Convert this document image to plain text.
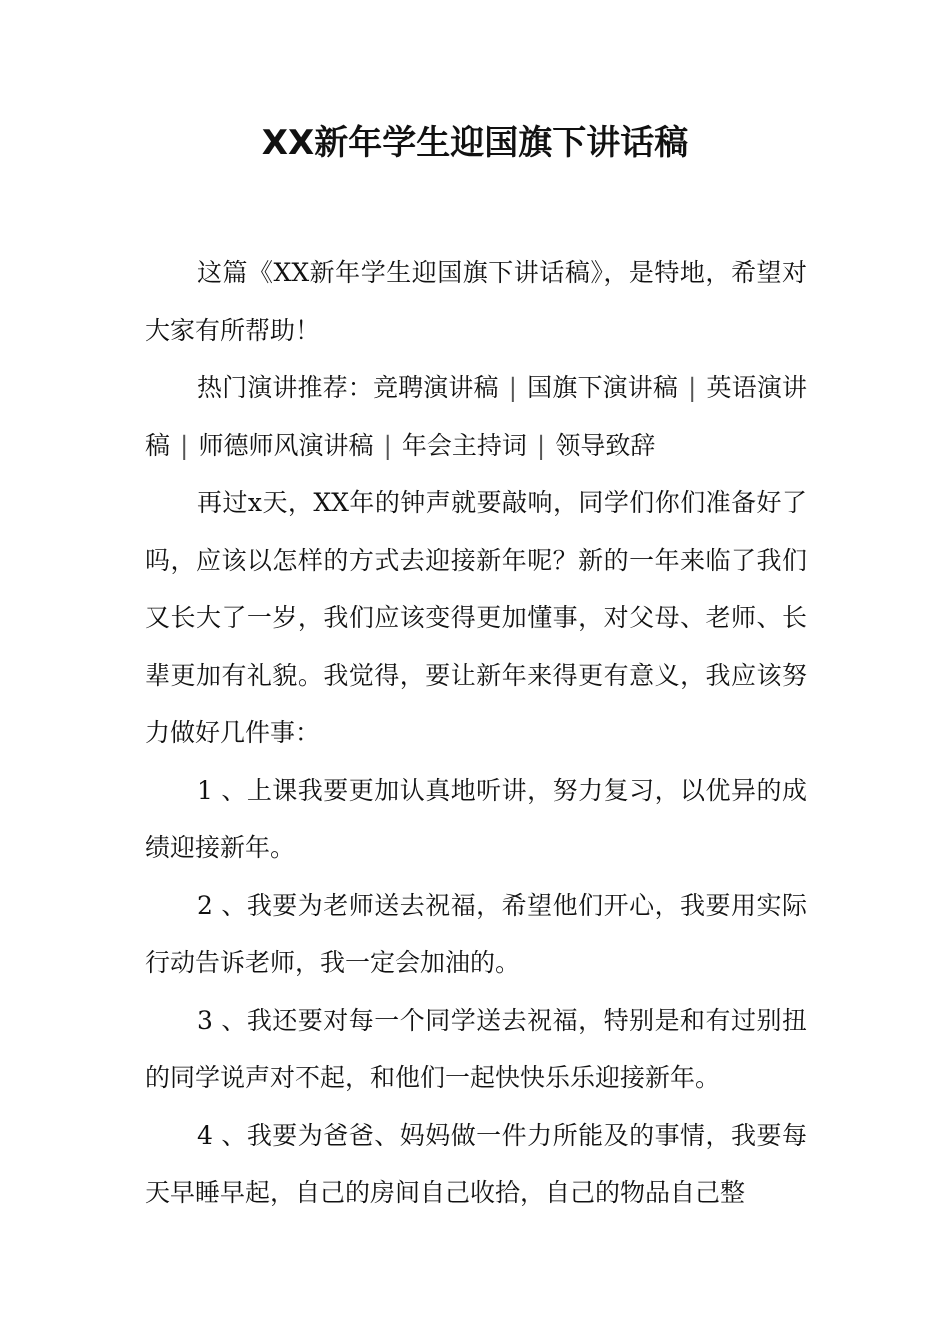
XX新年学生迎国旗下讲话稿

这篇《XX新年学生迎国旗下讲话稿》，是特地，希望对大家有所帮助！

热门演讲推荐：竞聘演讲稿 | 国旗下演讲稿 | 英语演讲稿 | 师德师风演讲稿 | 年会主持词 | 领导致辞

再过x天，XX年的钟声就要敲响，同学们你们准备好了吗，应该以怎样的方式去迎接新年呢？新的一年来临了我们又长大了一岁，我们应该变得更加懂事，对父母、老师、长辈更加有礼貌。我觉得，要让新年来得更有意义，我应该努力做好几件事：

1 、上课我要更加认真地听讲，努力复习，以优异的成绩迎接新年。

2 、我要为老师送去祝福，希望他们开心，我要用实际行动告诉老师，我一定会加油的。

3 、我还要对每一个同学送去祝福，特别是和有过别扭的同学说声对不起，和他们一起快快乐乐迎接新年。

4 、我要为爸爸、妈妈做一件力所能及的事情，我要每天早睡早起，自己的房间自己收拾，自己的物品自己整
